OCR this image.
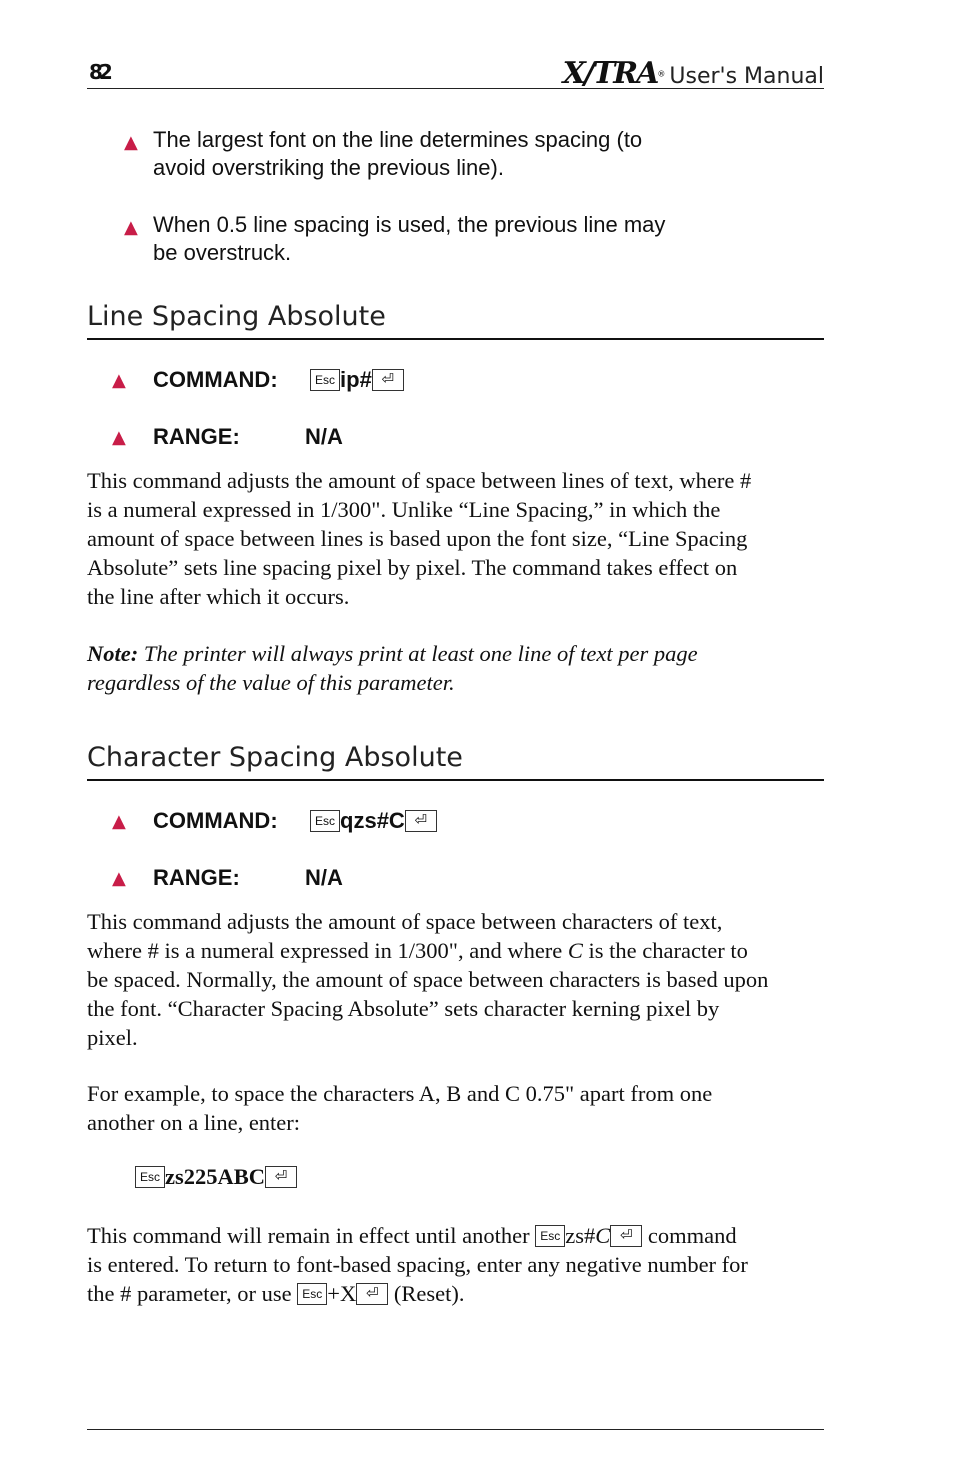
82	X/TRA® User's Manual
▲ The largest font on the line determines spacing (to
avoid overstriking the previous line).
▲ When 0.5 line spacing is used, the previous line may
be overstruck.
Line Spacing Absolute
▲ COMMAND:	Esc ip# ⏎
▲ RANGE:	N/A
This command adjusts the amount of space between lines of text, where #
is a numeral expressed in 1/300". Unlike “Line Spacing,” in which the
amount of space between lines is based upon the font size, “Line Spacing
Absolute” sets line spacing pixel by pixel. The command takes effect on
the line after which it occurs.
Note: The printer will always print at least one line of text per page
regardless of the value of this parameter.
Character Spacing Absolute
▲ COMMAND:	Esc qzs#C ⏎
▲ RANGE:	N/A
This command adjusts the amount of space between characters of text,
where # is a numeral expressed in 1/300", and where C is the character to
be spaced. Normally, the amount of space between characters is based upon
the font. “Character Spacing Absolute” sets character kerning pixel by
pixel.
For example, to space the characters A, B and C 0.75" apart from one
another on a line, enter:
Esc zs225ABC ⏎
This command will remain in effect until another Esc zs#C ⏎ command
is entered. To return to font-based spacing, enter any negative number for
the # parameter, or use Esc +X ⏎ (Reset).
